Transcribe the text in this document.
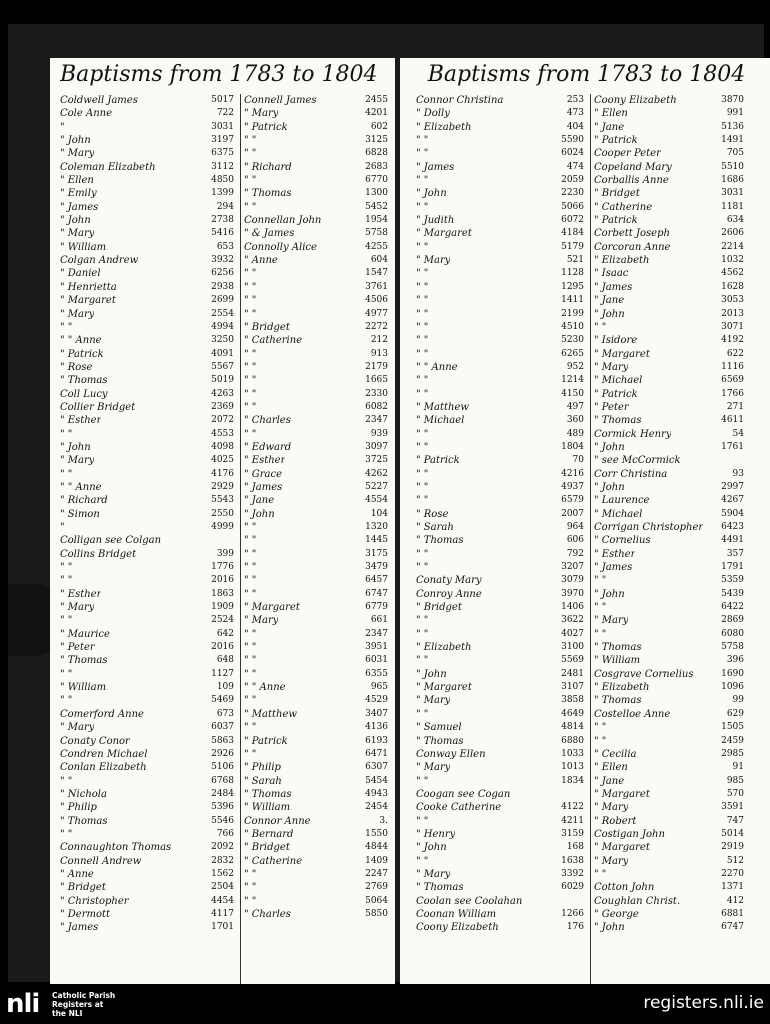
Baptisms from 1783 to 1804
Coldwell James	5017
Cole Anne	722
"	3031
" John	3197
" Mary	6375
Coleman Elizabeth	3112
" Ellen	4850
" Emily	1399
" James	294
" John	2738
" Mary	5416
" William	653
Colgan Andrew	3932
" Daniel	6256
" Henrietta	2938
" Margaret	2699
" Mary	2554
" "	4994
" " Anne	3250
" Patrick	4091
" Rose	5567
" Thomas	5019
Coll Lucy	4263
Collier Bridget	2369
" Esther	2072
" "	4553
" John	4098
" Mary	4025
" "	4176
" " Anne	2929
" Richard	5543
" Simon	2550
"	4999
Colligan see Colgan
Collins Bridget	399
" "	1776
" "	2016
" Esther	1863
" Mary	1909
" "	2524
" Maurice	642
" Peter	2016
" Thomas	648
" "	1127
" William	109
" "	5469
Comerford Anne	673
" Mary	6037
Conaty Conor	5863
Condren Michael	2926
Conlan Elizabeth	5106
" "	6768
" Nichola	2484
" Philip	5396
" Thomas	5546
" "	766
Connaughton Thomas	2092
Connell Andrew	2832
" Anne	1562
" Bridget	2504
" Christopher	4454
" Dermott	4117
" James	1701
Connell James	2455
" Mary	4201
" Patrick	602
" "	3125
" "	6828
" Richard	2683
" "	6770
" Thomas	1300
" "	5452
Connellan John	1954
" & James	5758
Connolly Alice	4255
" Anne	604
" "	1547
" "	3761
" "	4506
" "	4977
" Bridget	2272
" Catherine	212
" "	913
" "	2179
" "	1665
" "	2330
" "	6082
" Charles	2347
" "	939
" Edward	3097
" Esther	3725
" Grace	4262
" James	5227
" Jane	4554
" John	104
" "	1320
" "	1445
" "	3175
" "	3479
" "	6457
" "	6747
" Margaret	6779
" Mary	661
" "	2347
" "	3951
" "	6031
" "	6355
" " Anne	965
" "	4529
" Matthew	3407
" "	4136
" Patrick	6193
" "	6471
" Philip	6307
" Sarah	5454
" Thomas	4943
" William	2454
Connor Anne	3.
" Bernard	1550
" Bridget	4844
" Catherine	1409
" "	2247
" "	2769
" "	5064
" Charles	5850
Baptisms from 1783 to 1804
Connor Christina	253
" Dolly	473
" Elizabeth	404
" "	5590
" "	6024
" James	474
" "	2059
" John	2230
" "	5066
" Judith	6072
" Margaret	4184
" "	5179
" Mary	521
" "	1128
" "	1295
" "	1411
" "	2199
" "	4510
" "	5230
" "	6265
" " Anne	952
" "	1214
" "	4150
" Matthew	497
" Michael	360
" "	489
" "	1804
" Patrick	70
" "	4216
" "	4937
" "	6579
" Rose	2007
" Sarah	964
" Thomas	606
" "	792
" "	3207
Conaty Mary	3079
Conroy Anne	3970
" Bridget	1406
" "	3622
" "	4027
" Elizabeth	3100
" "	5569
" John	2481
" Margaret	3107
" Mary	3858
" "	4649
" Samuel	4814
" Thomas	6880
Conway Ellen	1033
" Mary	1013
" "	1834
Coogan see Cogan
Cooke Catherine	4122
" "	4211
" Henry	3159
" John	168
" "	1638
" Mary	3392
" Thomas	6029
Coolan see Coolahan
Coonan William	1266
Coony Elizabeth	176
Coony Elizabeth	3870
" Ellen	991
" Jane	5136
" Patrick	1491
Cooper Peter	705
Copeland Mary	5510
Corballis Anne	1686
" Bridget	3031
" Catherine	1181
" Patrick	634
Corbett Joseph	2606
Corcoran Anne	2214
" Elizabeth	1032
" Isaac	4562
" James	1628
" Jane	3053
" John	2013
" "	3071
" Isidore	4192
" Margaret	622
" Mary	1116
" Michael	6569
" Patrick	1766
" Peter	271
" Thomas	4611
Cormick Henry	54
" John	1761
" see McCormick
Corr Christina	93
" John	2997
" Laurence	4267
" Michael	5904
Corrigan Christopher 6423
" Cornelius	4491
" Esther	357
" James	1791
" "	5359
" John	5439
" "	6422
" Mary	2869
" "	6080
" Thomas	5758
" William	396
Cosgrave Cornelius	1690
" Elizabeth	1096
" Thomas	99
Costelloe Anne	629
" "	1505
" "	2459
" Cecilia	2985
" Ellen	91
" Jane	985
" Margaret	570
" Mary	3591
" Robert	747
Costigan John	5014
" Margaret	2919
" Mary	512
" "	2270
Cotton John	1371
Coughlan Christ.	412
" George	6881
" John	6747
nli Catholic Parish
Registers at
the NLI
registers.nli.ie
